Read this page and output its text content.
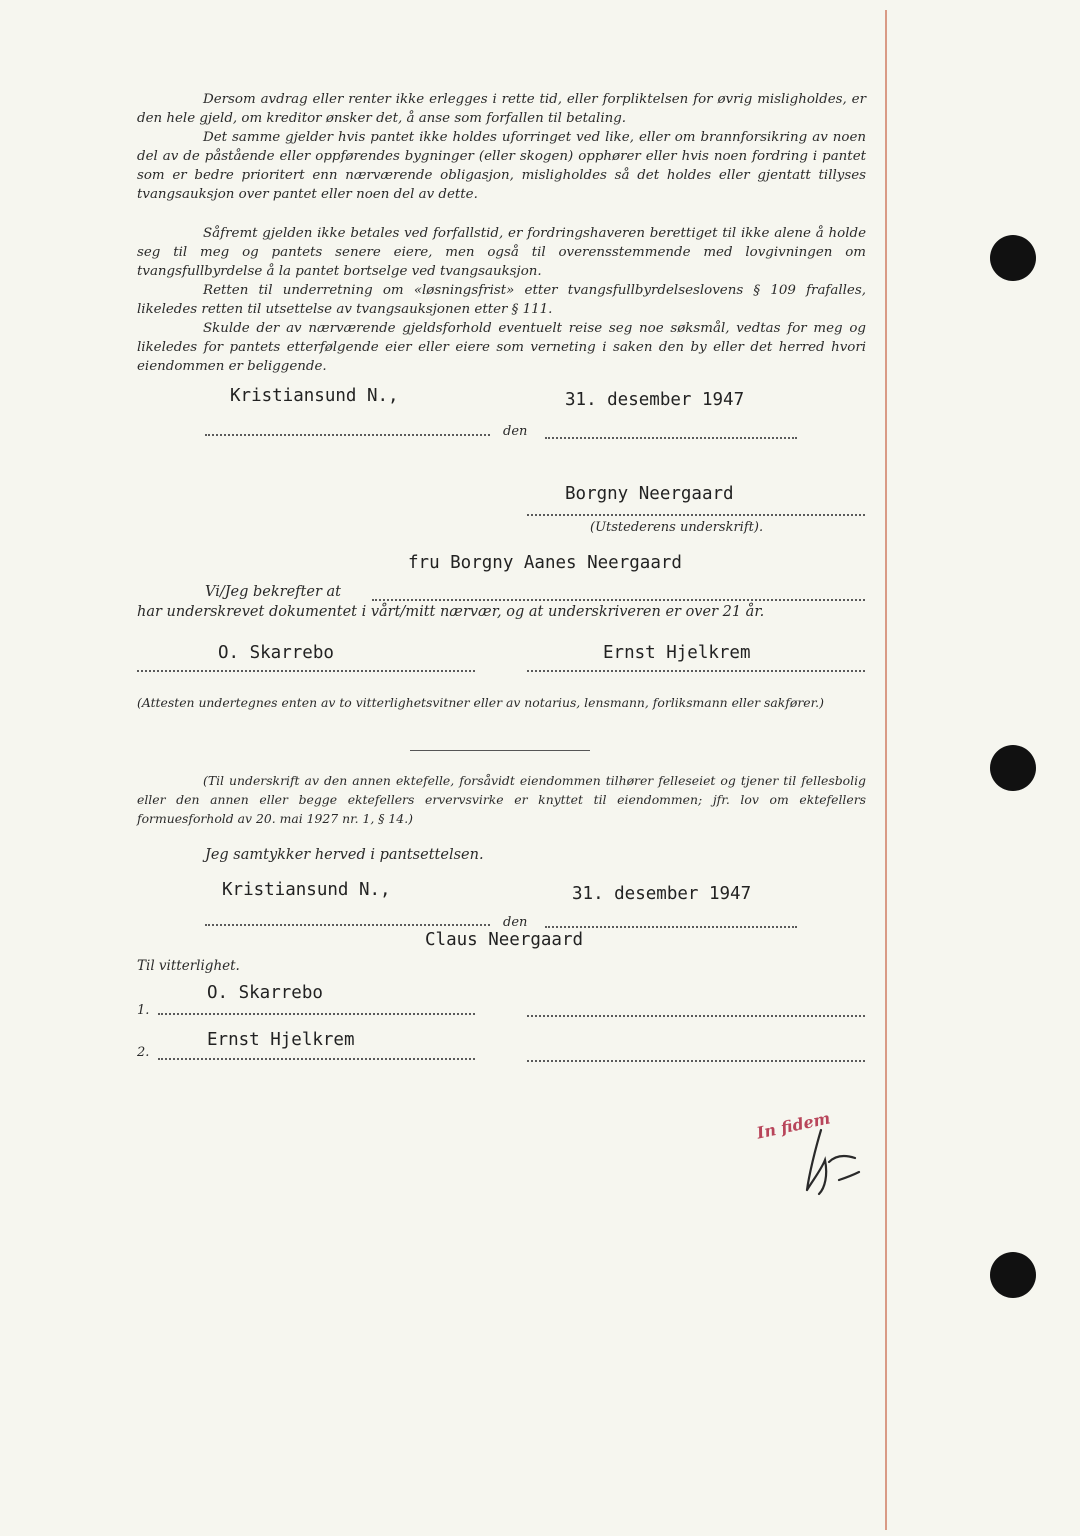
Dersom avdrag eller renter ikke erlegges i rette tid, eller forpliktelsen for øvrig misligholdes, er den hele gjeld, om kreditor ønsker det, å anse som forfallen til betaling.

Det samme gjelder hvis pantet ikke holdes uforringet ved like, eller om brannforsikring av noen del av de påstående eller oppførendes bygninger (eller skogen) opphører eller hvis noen fordring i pantet som er bedre prioritert enn nærværende obligasjon, misligholdes så det holdes eller gjentatt tillyses tvangsauksjon over pantet eller noen del av dette.

Såfremt gjelden ikke betales ved forfallstid, er fordringshaveren berettiget til ikke alene å holde seg til meg og pantets senere eiere, men også til overensstemmende med lovgivningen om tvangsfullbyrdelse å la pantet bortselge ved tvangsauksjon.

Retten til underretning om «løsningsfrist» etter tvangsfullbyrdelseslovens § 109 frafalles, likeledes retten til utsettelse av tvangsauksjonen etter § 111.

Skulde der av nærværende gjeldsforhold eventuelt reise seg noe søksmål, vedtas for meg og likeledes for pantets etterfølgende eier eller eiere som verneting i saken den by eller det herred hvori eiendommen er beliggende.

Kristiansund N.,	31. desember 1947
den
Borgny Neergaard
(Utstederens underskrift).
fru Borgny Aanes Neergaard
Vi/Jeg bekrefter at
har underskrevet dokumentet i vårt/mitt nærvær, og at underskriveren er over 21 år.
O. Skarrebo	Ernst Hjelkrem

(Attesten undertegnes enten av to vitterlighetsvitner eller av notarius, lensmann, forliksmann eller sakfører.)

(Til underskrift av den annen ektefelle, forsåvidt eiendommen tilhører felleseiet og tjener til fellesbolig eller den annen eller begge ektefellers ervervsvirke er knyttet til eiendommen; jfr. lov om ektefellers formuesforhold av 20. mai 1927 nr. 1, § 14.)

Jeg samtykker herved i pantsettelsen.
Kristiansund N.,	31. desember 1947
den
Claus Neergaard
Til vitterlighet.
1.
O. Skarrebo
2.
Ernst Hjelkrem
In fidem
